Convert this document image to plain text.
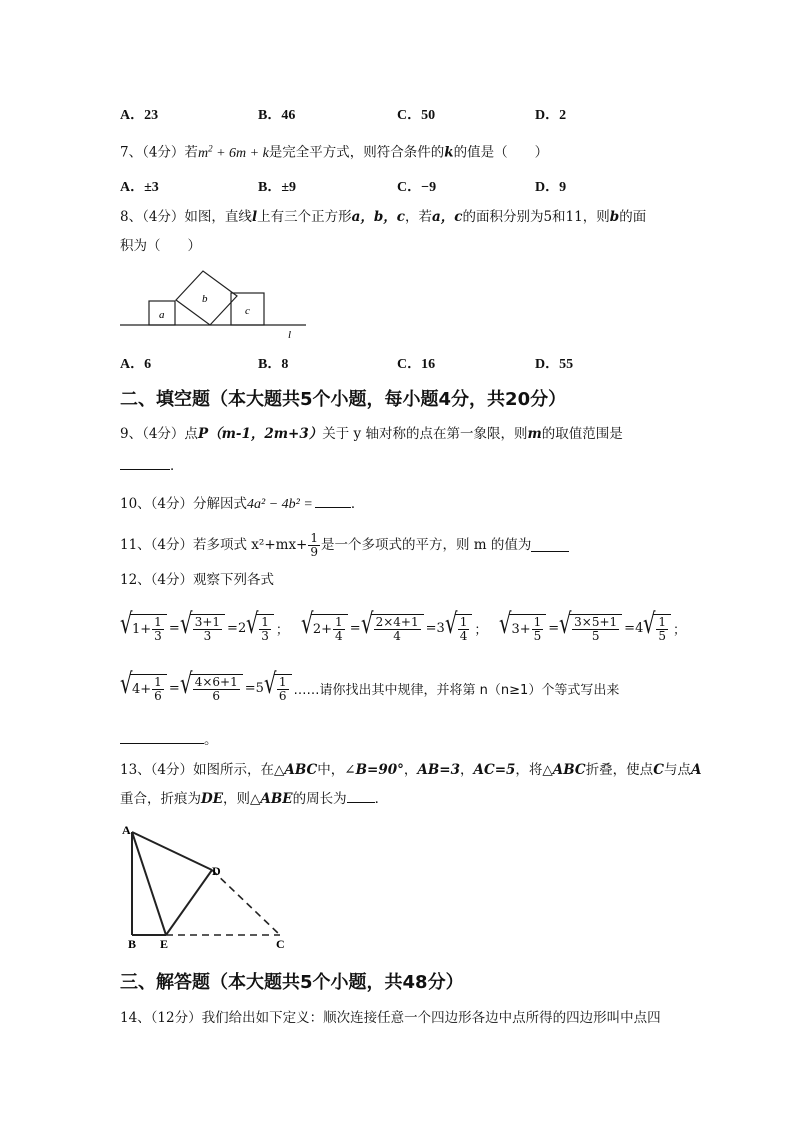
A．23	B．46	C．50	D．2
7、（4分）若$m^2 + 6m + k$是完全平方式，则符合条件的k的值是（　　）
A．±3	B．±9	C．−9	D．9
8、（4分）如图，直线l上有三个正方形a，b，c，若a，c的面积分别为5和11，则b的面
积为（　　）
a
b
c
l
A．6	B．8	C．16	D．55
二、填空题（本大题共5个小题，每小题4分，共20分）
9、（4分）点P（m-1，2m+3）关于 y 轴对称的点在第一象限，则m的取值范围是
．
10、（4分）分解因式4a² − 4b² =	．
11、（4分）若多项式 $x^2+mx+ \frac{1}{9}$ 是一个多项式的平方，则 m 的值为
12、（4分）观察下列各式
√ $1+ \frac{1}{3}$ = √ $\frac{3+1}{3} =2$ √ $\frac{1}{3}$ ； √ $2+ \frac{1}{4}$ = √ $\frac{2\times 4+1}{4} =3$ √ $\frac{1}{4}$ ； √ $3+ \frac{1}{5}$ = √ $\frac{3\times 5+1}{5} =4$ √ $\frac{1}{5}$ ；
√ $4+ \frac{1}{6}$ = √ $\frac{4\times 6+1}{6} =5$ √ $\frac{1}{6}$ ……请你找出其中规律，并将第 n（n≥1）个等式写出来
。
13、（4分）如图所示，在△ABC中，∠B=90°，AB=3，AC=5，将△ABC折叠，使点C与点A
重合，折痕为DE，则△ABE的周长为 ．
A
D
B E	C
三、解答题（本大题共5个小题，共48分）
14、（12分）我们给出如下定义：顺次连接任意一个四边形各边中点所得的四边形叫中点四
